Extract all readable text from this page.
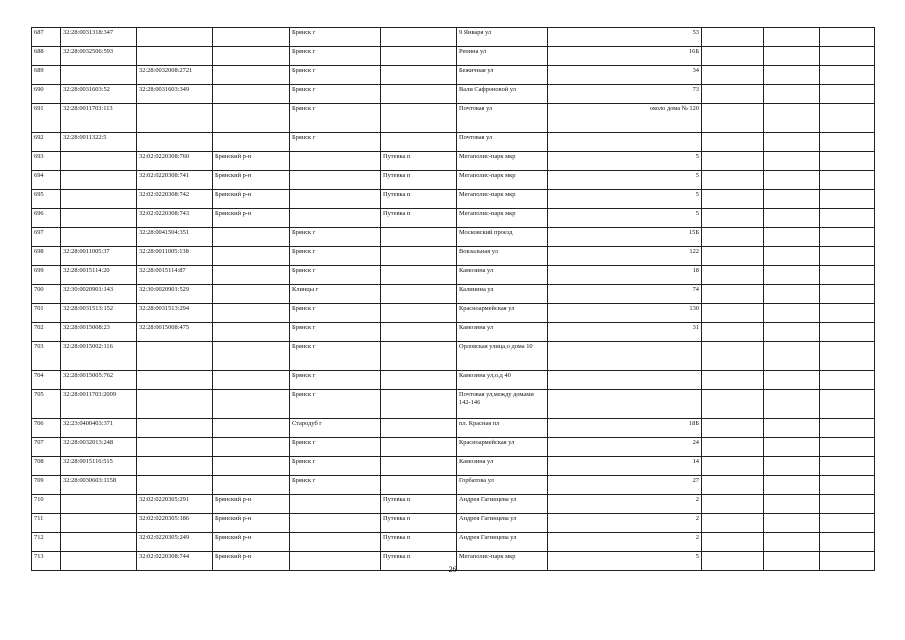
687	32:28:0031318:347			Брянск г		9 Января ул	53			
688	32:28:0032506:593			Брянск г		Репина ул	16Б			
689		32:28:0032008:2721		Брянск г		Бежичная ул	34			
690	32:28:0031603:52	32:28:0031603:349		Брянск г		Вали Сафроновой ул	73			
691	32:28:0011703:113			Брянск г		Почтовая ул	около дома № 120			
692	32:28:0011322:5			Брянск г		Почтовая ул				
693		32:02:0220308:760	Брянский р-н		Путевка п	Мегаполис-парк мкр	5			
694		32:02:0220308:741	Брянский р-н		Путевка п	Мегаполис-парк мкр	5			
695		32:02:0220308:742	Брянский р-н		Путевка п	Мегаполис-парк мкр	5			
696		32:02:0220308:743	Брянский р-н		Путевка п	Мегаполис-парк мкр	5			
697		32:28:0041504:351		Брянск г		Московский проезд	15Б			
698	32:28:0011005:37	32:28:0011005:138		Брянск г		Вокзальная ул	122			
699	32:28:0015114:20	32:28:0015114:87		Брянск г		Камозина ул	18			
700	32:30:0020901:143	32:30:0020901:529		Клинцы г		Калинина ул	74			
701	32:28:0031513:152	32:28:0031513:294		Брянск г		Красноармейская ул	130			
702	32:28:0015008:23	32:28:0015008:475		Брянск г		Камозина ул	31			
703	32:28:0015002:116			Брянск г		Орловская улица,о дома 10				
704	32:28:0015005:762			Брянск г		Камозина ул,о.д 40				
705	32:28:0011703:2009			Брянск г		Почтовая ул,между домами 142-146				
706	32:23:0400403:371			Стародуб г		пл. Красная пл	18Б			
707	32:28:0032013:248			Брянск г		Красноармейская ул	24			
708	32:28:0015116:515			Брянск г		Камозина ул	14			
709	32:28:0030603:1158			Брянск г		Горбатова ул	27			
710		32:02:0220305:291	Брянский р-н		Путевка п	Андрея Гагинцева ул	2			
711		32:02:0220305:186	Брянский р-н		Путевка п	Андрея Гагинцева ул	2			
712		32:02:0220305:249	Брянский р-н		Путевка п	Андрея Гагинцева ул	2			
713		32:02:0220308:744	Брянский р-н		Путевка п	Мегаполис-парк мкр	5			
26
